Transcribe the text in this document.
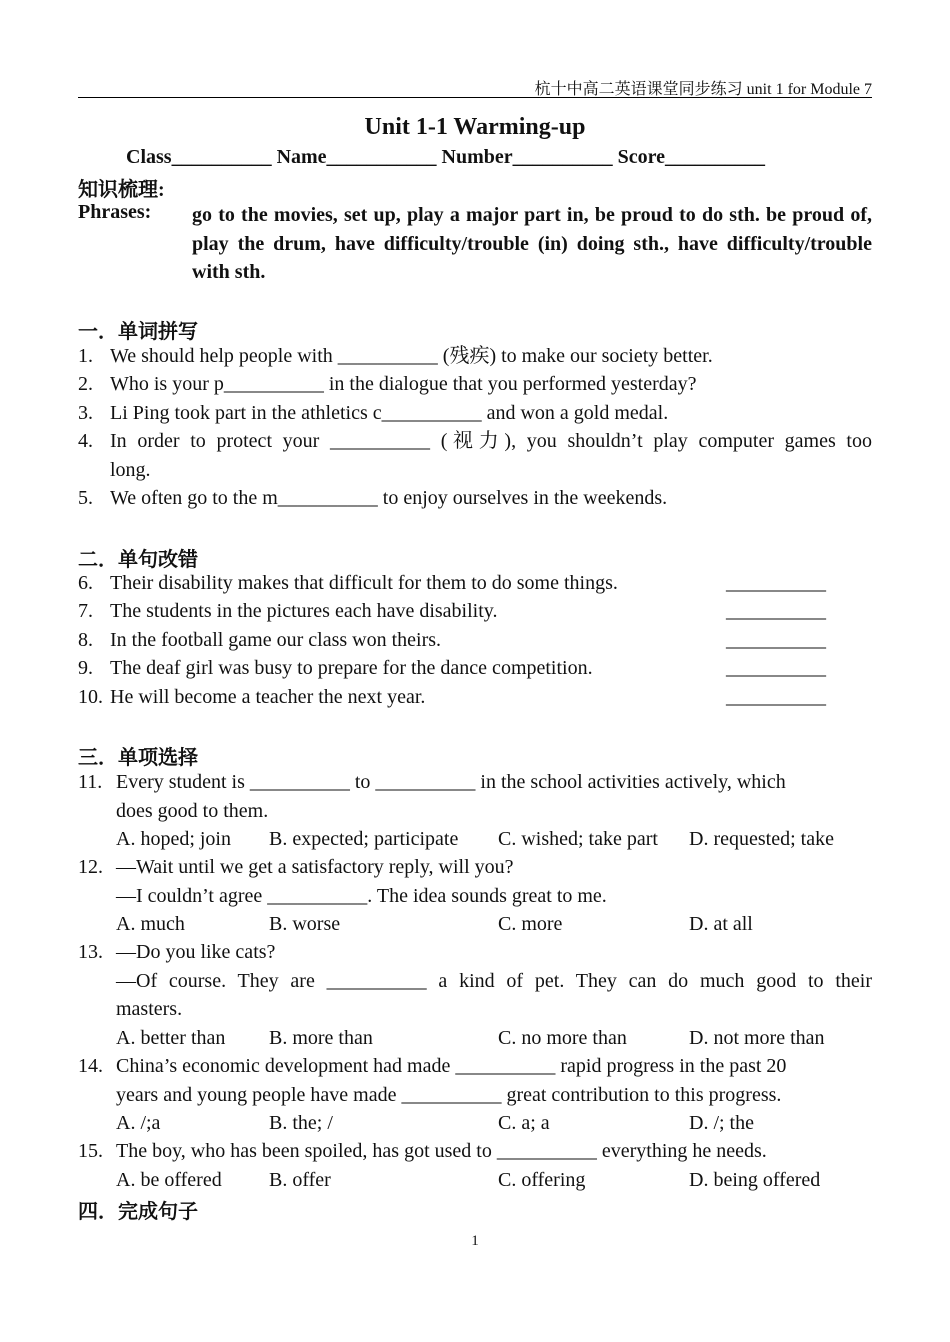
杭十中高二英语课堂同步练习 unit 1 for Module 7
Unit 1-1 Warming-up
Class__________ Name___________ Number__________ Score__________
知识梳理:
Phrases: go to the movies, set up, play a major part in, be proud to do sth. be proud of, play the drum, have difficulty/trouble (in) doing sth., have difficulty/trouble with sth.
一．单词拼写
1. We should help people with __________ (残疾) to make our society better.
2. Who is your p__________ in the dialogue that you performed yesterday?
3. Li Ping took part in the athletics c__________ and won a gold medal.
4. In order to protect your __________ (视力), you shouldn’t play computer games too
long.
5. We often go to the m__________ to enjoy ourselves in the weekends.
二．单句改错
6. Their disability makes that difficult for them to do some things.	__________
7. The students in the pictures each have disability.	__________
8. In the football game our class won theirs.	__________
9. The deaf girl was busy to prepare for the dance competition.	__________
10. He will become a teacher the next year.	__________
三．单项选择
11. Every student is __________ to __________ in the school activities actively, which
does good to them.
A. hoped; join B. expected; participate C. wished; take part D. requested; take
12. —Wait until we get a satisfactory reply, will you?
—I couldn’t agree __________. The idea sounds great to me.
A. much	B. worse	C. more	D. at all
13. —Do you like cats?
—Of course. They are __________ a kind of pet. They can do much good to their
masters.
A. better than B. more than	C. no more than	D. not more than
14. China’s economic development had made __________ rapid progress in the past 20
years and young people have made __________ great contribution to this progress.
A. /;a	B. the; /	C. a; a	D. /; the
15. The boy, who has been spoiled, has got used to __________ everything he needs.
A. be offered B. offer	C. offering	D. being offered
四．完成句子
1
